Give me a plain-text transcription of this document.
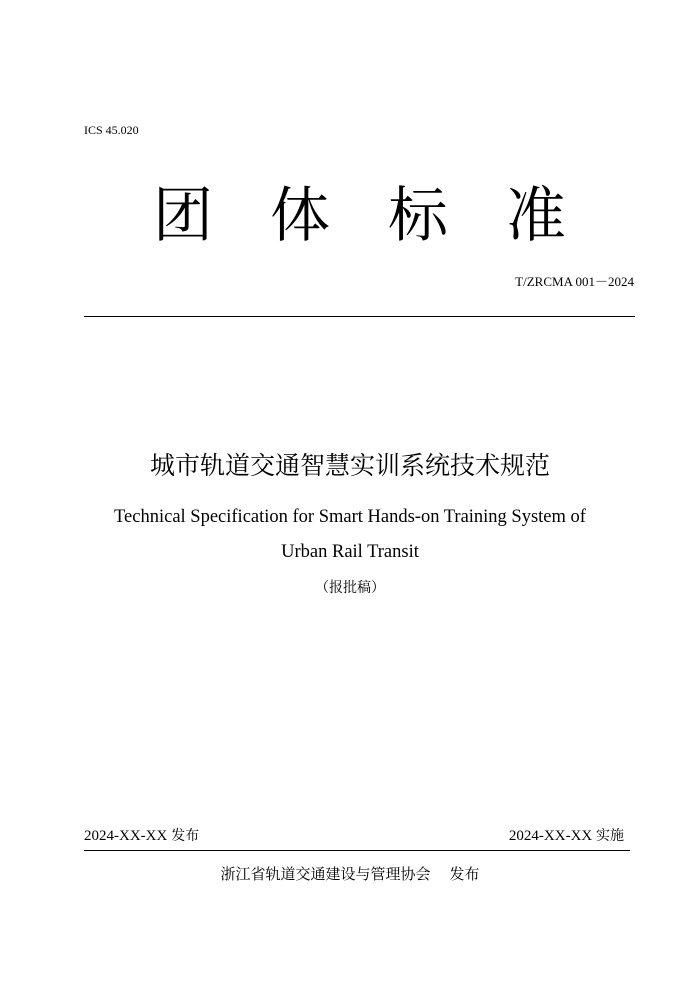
ICS 45.020
团 体 标 准
T/ZRCMA 001－2024
城市轨道交通智慧实训系统技术规范
Technical Specification for Smart Hands-on Training System of
Urban Rail Transit
（报批稿）
2024-XX-XX 发布	2024-XX-XX 实施
浙江省轨道交通建设与管理协会 发布
